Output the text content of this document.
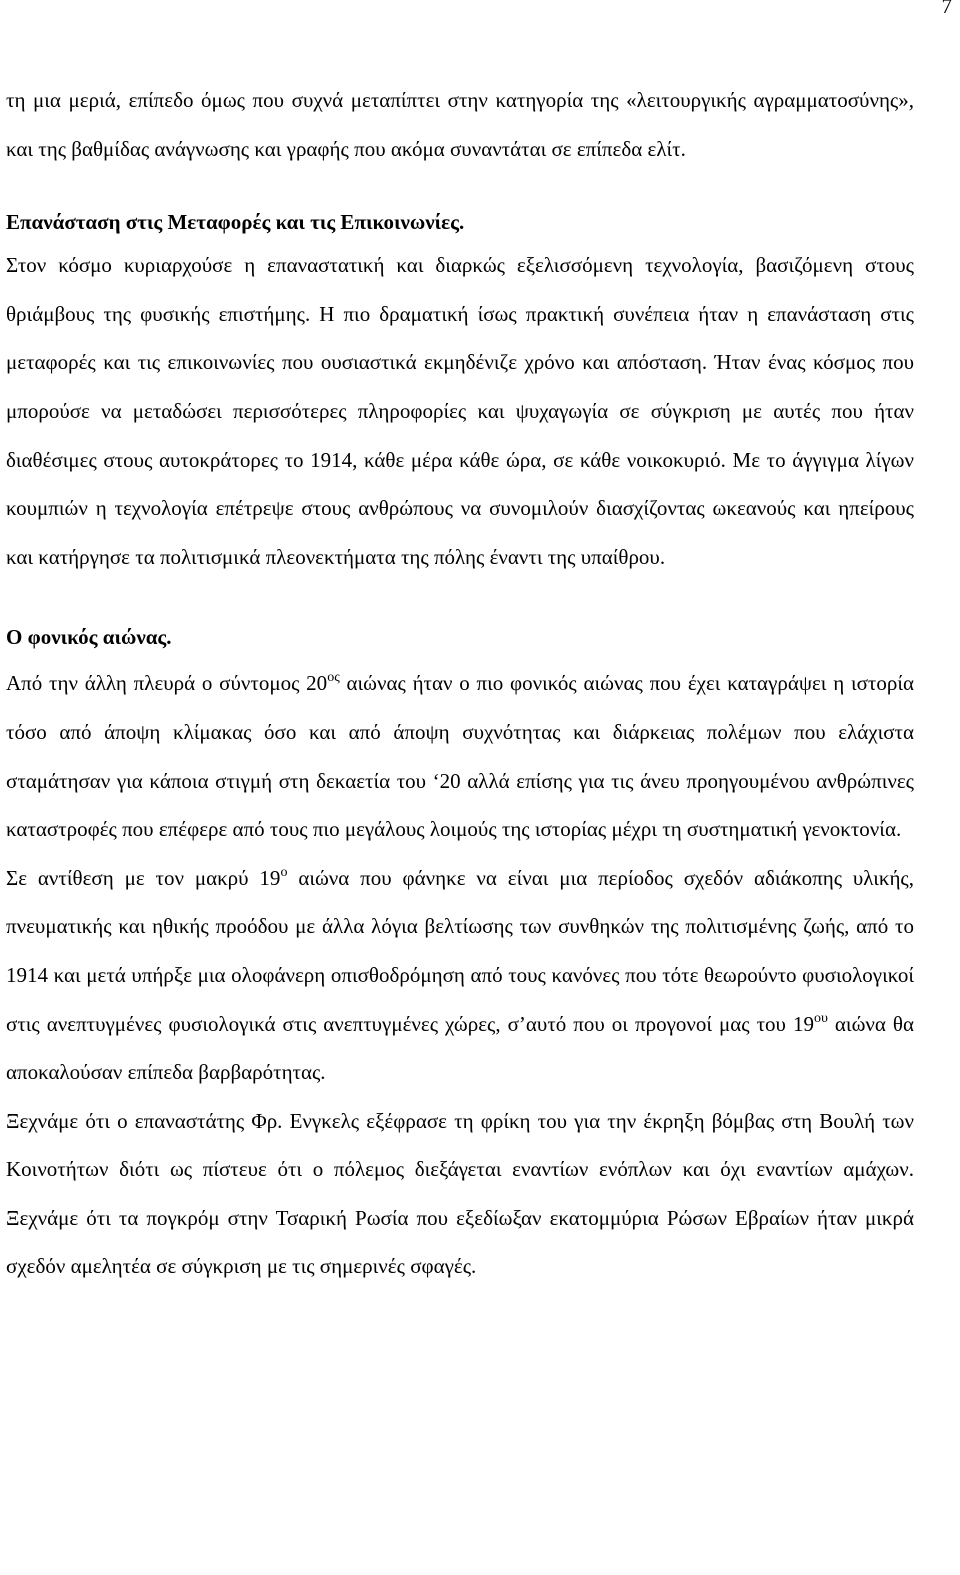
7

τη μια μεριά, επίπεδο όμως που συχνά μεταπίπτει στην κατηγορία της «λειτουργικής αγραμματοσύνης», και της βαθμίδας ανάγνωσης και γραφής που ακόμα συναντάται σε επίπεδα ελίτ.

Επανάσταση στις Μεταφορές και τις Επικοινωνίες.

Στον κόσμο κυριαρχούσε η επαναστατική και διαρκώς εξελισσόμενη τεχνολογία, βασιζόμενη στους θριάμβους της φυσικής επιστήμης. Η πιο δραματική ίσως πρακτική συνέπεια ήταν η επανάσταση στις μεταφορές και τις επικοινωνίες που ουσιαστικά εκμηδένιζε χρόνο και απόσταση. Ήταν ένας κόσμος που μπορούσε να μεταδώσει περισσότερες πληροφορίες και ψυχαγωγία σε σύγκριση με αυτές που ήταν διαθέσιμες στους αυτοκράτορες το 1914, κάθε μέρα κάθε ώρα, σε κάθε νοικοκυριό. Με το άγγιγμα λίγων κουμπιών η τεχνολογία επέτρεψε στους ανθρώπους να συνομιλούν διασχίζοντας ωκεανούς και ηπείρους και κατήργησε τα πολιτισμικά πλεονεκτήματα της πόλης έναντι της υπαίθρου.

Ο φονικός αιώνας.

Από την άλλη πλευρά ο σύντομος $20^{o\varsigma}$ αιώνας ήταν ο πιο φονικός αιώνας που έχει καταγράψει η ιστορία τόσο από άποψη κλίμακας όσο και από άποψη συχνότητας και διάρκειας πολέμων που ελάχιστα σταμάτησαν για κάποια στιγμή στη δεκαετία του ‘20 αλλά επίσης για τις άνευ προηγουμένου ανθρώπινες καταστροφές που επέφερε από τους πιο μεγάλους λοιμούς της ιστορίας μέχρι τη συστηματική γενοκτονία.

Σε αντίθεση με τον μακρύ $19^o$ αιώνα που φάνηκε να είναι μια περίοδος σχεδόν αδιάκοπης υλικής, πνευματικής και ηθικής προόδου με άλλα λόγια βελτίωσης των συνθηκών της πολιτισμένης ζωής, από το 1914 και μετά υπήρξε μια ολοφάνερη οπισθοδρόμηση από τους κανόνες που τότε θεωρούντο φυσιολογικοί στις ανεπτυγμένες φυσιολογικά στις ανεπτυγμένες χώρες, σ’αυτό που οι προγονοί μας του $19^{o\upsilon}$ αιώνα θα αποκαλούσαν επίπεδα βαρβαρότητας.

Ξεχνάμε ότι ο επαναστάτης Φρ. Ενγκελς εξέφρασε τη φρίκη του για την έκρηξη βόμβας στη Βουλή των Κοινοτήτων διότι ως πίστευε ότι ο πόλεμος διεξάγεται εναντίων ενόπλων και όχι εναντίων αμάχων. Ξεχνάμε ότι τα πογκρόμ στην Τσαρική Ρωσία που εξεδίωξαν εκατομμύρια Ρώσων Εβραίων ήταν μικρά σχεδόν αμελητέα σε σύγκριση με τις σημερινές σφαγές.
